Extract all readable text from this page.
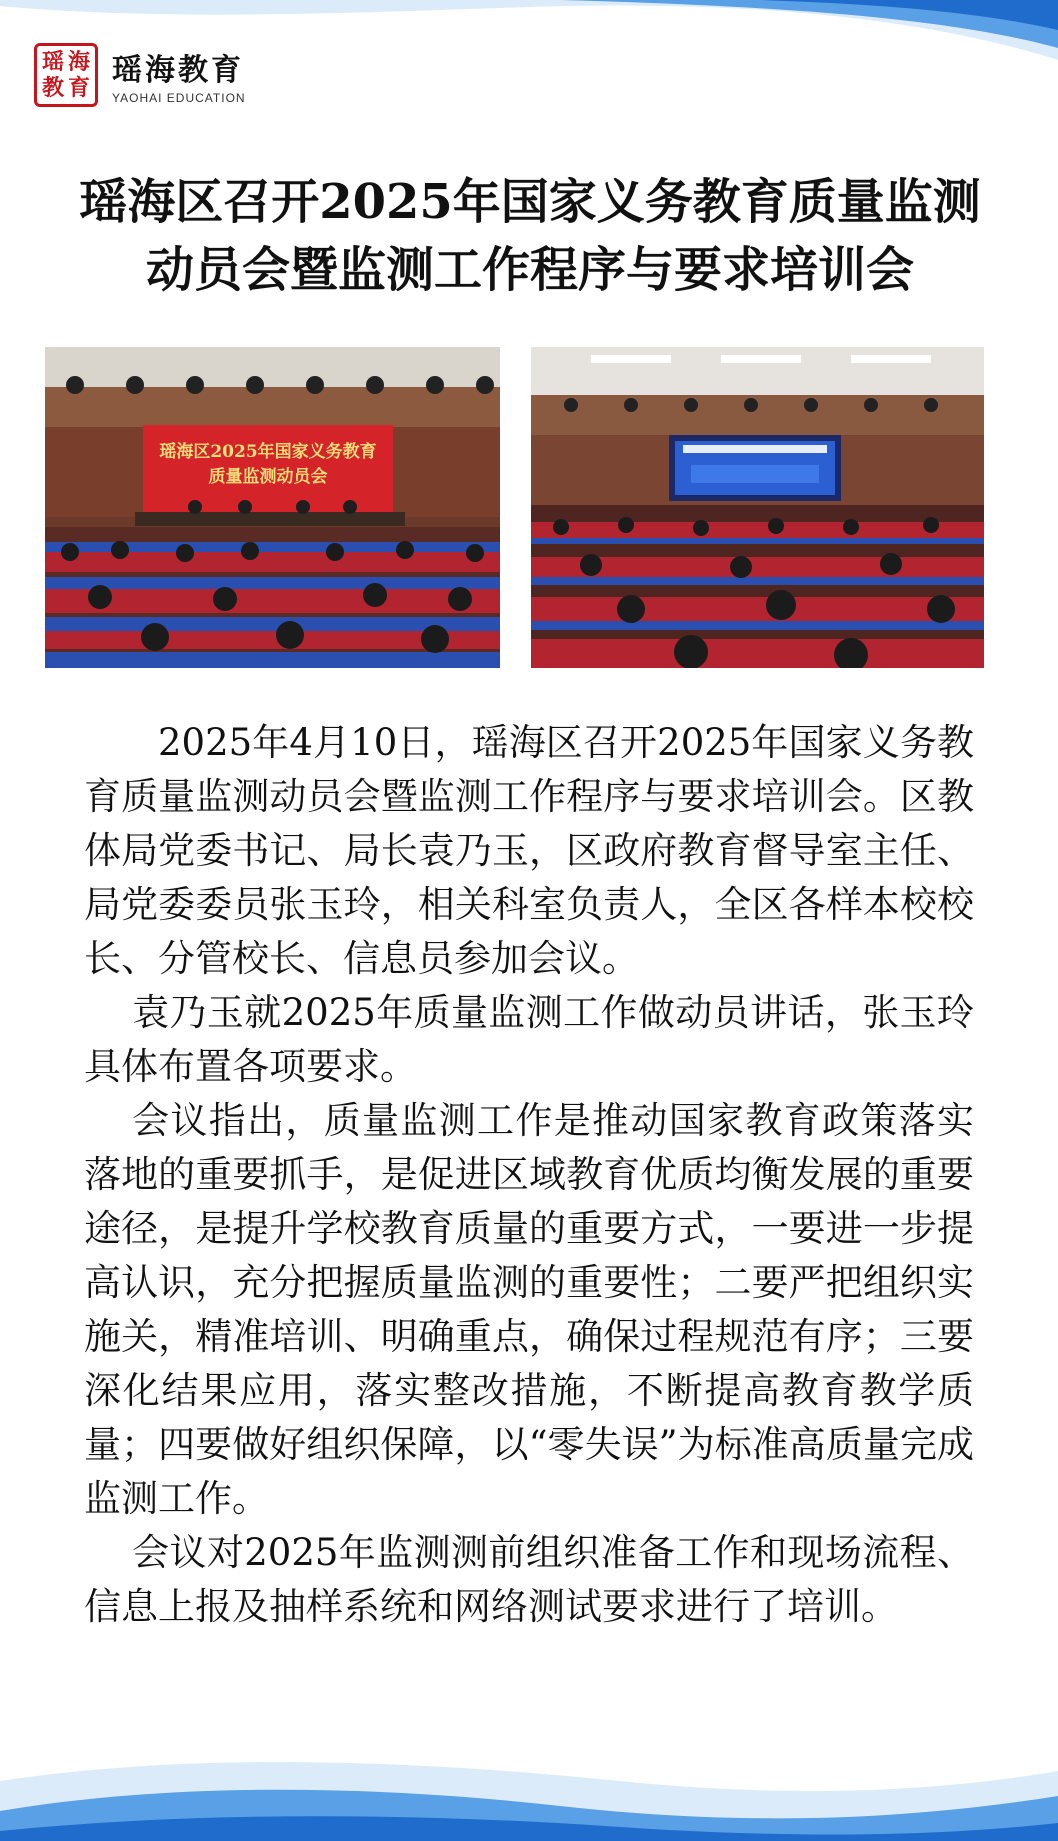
瑶 海
教 育 瑶海教育
YAOHAI EDUCATION
瑶海区召开2025年国家义务教育质量监测动员会暨监测工作程序与要求培训会
瑶海区2025年国家义务教育
质量监测动员会

2025年4月10日，瑶海区召开2025年国家义务教育质量监测动员会暨监测工作程序与要求培训会。区教体局党委书记、局长袁乃玉，区政府教育督导室主任、局党委委员张玉玲，相关科室负责人，全区各样本校校长、分管校长、信息员参加会议。

袁乃玉就2025年质量监测工作做动员讲话，张玉玲具体布置各项要求。

会议指出，质量监测工作是推动国家教育政策落实落地的重要抓手，是促进区域教育优质均衡发展的重要途径，是提升学校教育质量的重要方式，一要进一步提高认识，充分把握质量监测的重要性；二要严把组织实施关，精准培训、明确重点，确保过程规范有序；三要深化结果应用，落实整改措施，不断提高教育教学质量；四要做好组织保障，以“零失误”为标准高质量完成监测工作。

会议对2025年监测测前组织准备工作和现场流程、信息上报及抽样系统和网络测试要求进行了培训。
